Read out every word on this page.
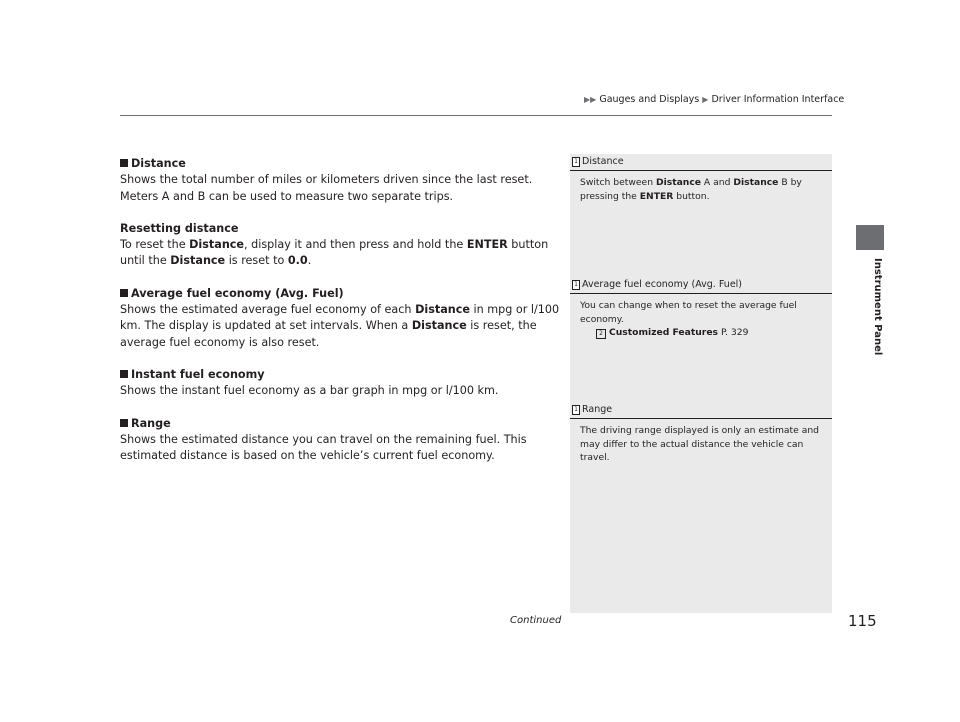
▶▶ Gauges and Displays ▶ Driver Information Interface
Instrument Panel

Distance

Shows the total number of miles or kilometers driven since the last reset. Meters A and B can be used to measure two separate trips.

Resetting distance

To reset the Distance, display it and then press and hold the ENTER button until the Distance is reset to 0.0.

Average fuel economy (Avg. Fuel)

Shows the estimated average fuel economy of each Distance in mpg or l/100 km. The display is updated at set intervals. When a Distance is reset, the average fuel economy is also reset.

Instant fuel economy

Shows the instant fuel economy as a bar graph in mpg or l/100 km.

Range

Shows the estimated distance you can travel on the remaining fuel. This estimated distance is based on the vehicle’s current fuel economy.

1 Distance
Switch between Distance A and Distance B by pressing the ENTER button.
1 Average fuel economy (Avg. Fuel)
You can change when to reset the average fuel economy.
2 Customized Features P. 329
1 Range
The driving range displayed is only an estimate and may differ to the actual distance the vehicle can travel.
Continued	115
